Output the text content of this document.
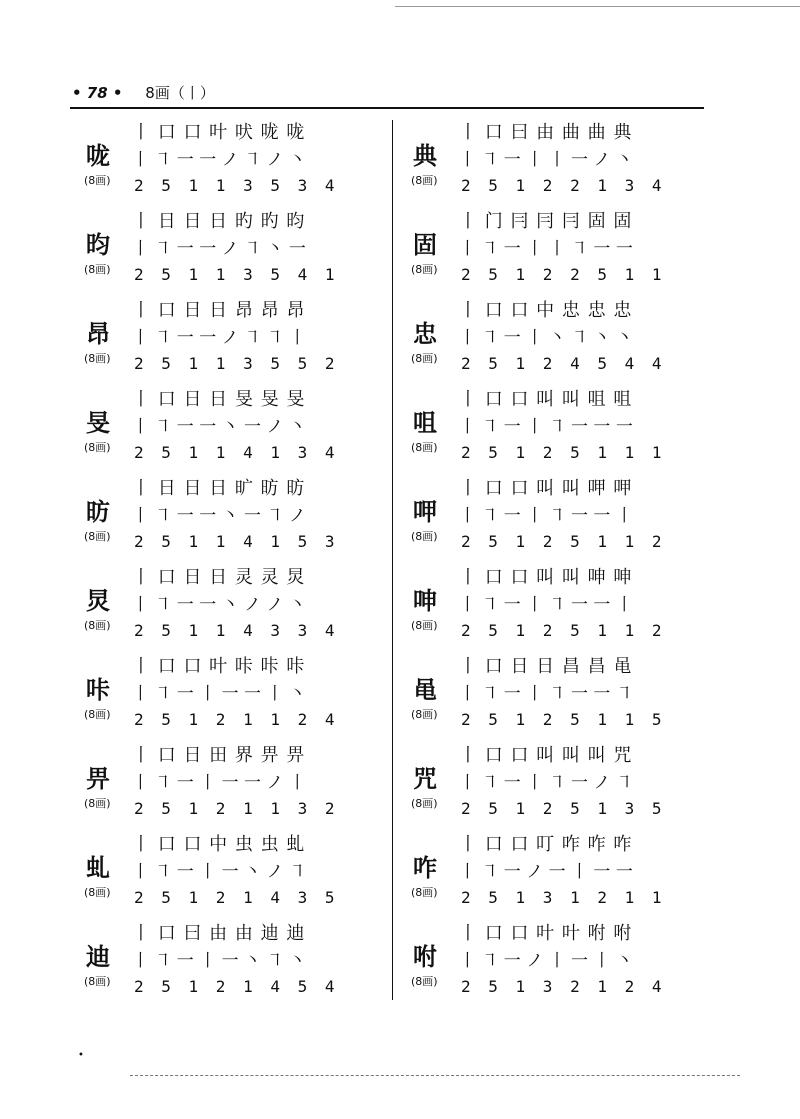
• 78 • 8画（丨）
咙
(8画)
丨 口 口 叶 吠 咙 咙
丨 ㇕ 一 一 ノ ㇕ ノ 丶
2 5 1 1 3 5 3 4
昀
(8画)
丨 日 日 日 旳 旳 昀
丨 ㇕ 一 一 ノ ㇕ 丶 一
2 5 1 1 3 5 4 1
昂
(8画)
丨 口 日 日 昂 昂 昂
丨 ㇕ 一 一 ノ ㇕ ㇕ 丨
2 5 1 1 3 5 5 2
旻
(8画)
丨 口 日 日 旻 旻 旻
丨 ㇕ 一 一 丶 一 ノ 丶
2 5 1 1 4 1 3 4
昉
(8画)
丨 日 日 日 旷 昉 昉
丨 ㇕ 一 一 丶 一 ㇕ ノ
2 5 1 1 4 1 5 3
炅
(8画)
丨 口 日 日 灵 灵 炅
丨 ㇕ 一 一 丶 ノ ノ 丶
2 5 1 1 4 3 3 4
咔
(8画)
丨 口 口 叶 咔 咔 咔
丨 ㇕ 一 丨 一 一 丨 丶
2 5 1 2 1 1 2 4
畀
(8画)
丨 口 日 田 界 畀 畀
丨 ㇕ 一 丨 一 一 ノ 丨
2 5 1 2 1 1 3 2
虬
(8画)
丨 口 口 中 虫 虫 虬
丨 ㇕ 一 丨 一 丶 ノ ㇕
2 5 1 2 1 4 3 5
迪
(8画)
丨 口 曰 由 由 迪 迪
丨 ㇕ 一 丨 一 丶 ㇕ 丶
2 5 1 2 1 4 5 4
典
(8画)
丨 口 曰 由 曲 曲 典
丨 ㇕ 一 丨 丨 一 ノ 丶
2 5 1 2 2 1 3 4
固
(8画)
丨 门 冃 冃 冃 固 固
丨 ㇕ 一 丨 丨 ㇕ 一 一
2 5 1 2 2 5 1 1
忠
(8画)
丨 口 口 中 忠 忠 忠
丨 ㇕ 一 丨 丶 ㇕ 丶 丶
2 5 1 2 4 5 4 4
咀
(8画)
丨 口 口 叫 叫 咀 咀
丨 ㇕ 一 丨 ㇕ 一 一 一
2 5 1 2 5 1 1 1
呷
(8画)
丨 口 口 叫 叫 呷 呷
丨 ㇕ 一 丨 ㇕ 一 一 丨
2 5 1 2 5 1 1 2
呻
(8画)
丨 口 口 叫 叫 呻 呻
丨 ㇕ 一 丨 ㇕ 一 一 丨
2 5 1 2 5 1 1 2
黾
(8画)
丨 口 日 日 昌 昌 黾
丨 ㇕ 一 丨 ㇕ 一 一 ㇕
2 5 1 2 5 1 1 5
咒
(8画)
丨 口 口 叫 叫 叫 咒
丨 ㇕ 一 丨 ㇕ 一 ノ ㇕
2 5 1 2 5 1 3 5
咋
(8画)
丨 口 口 叮 咋 咋 咋
丨 ㇕ 一 ノ 一 丨 一 一
2 5 1 3 1 2 1 1
咐
(8画)
丨 口 口 叶 叶 咐 咐
丨 ㇕ 一 ノ 丨 一 丨 丶
2 5 1 3 2 1 2 4
•
